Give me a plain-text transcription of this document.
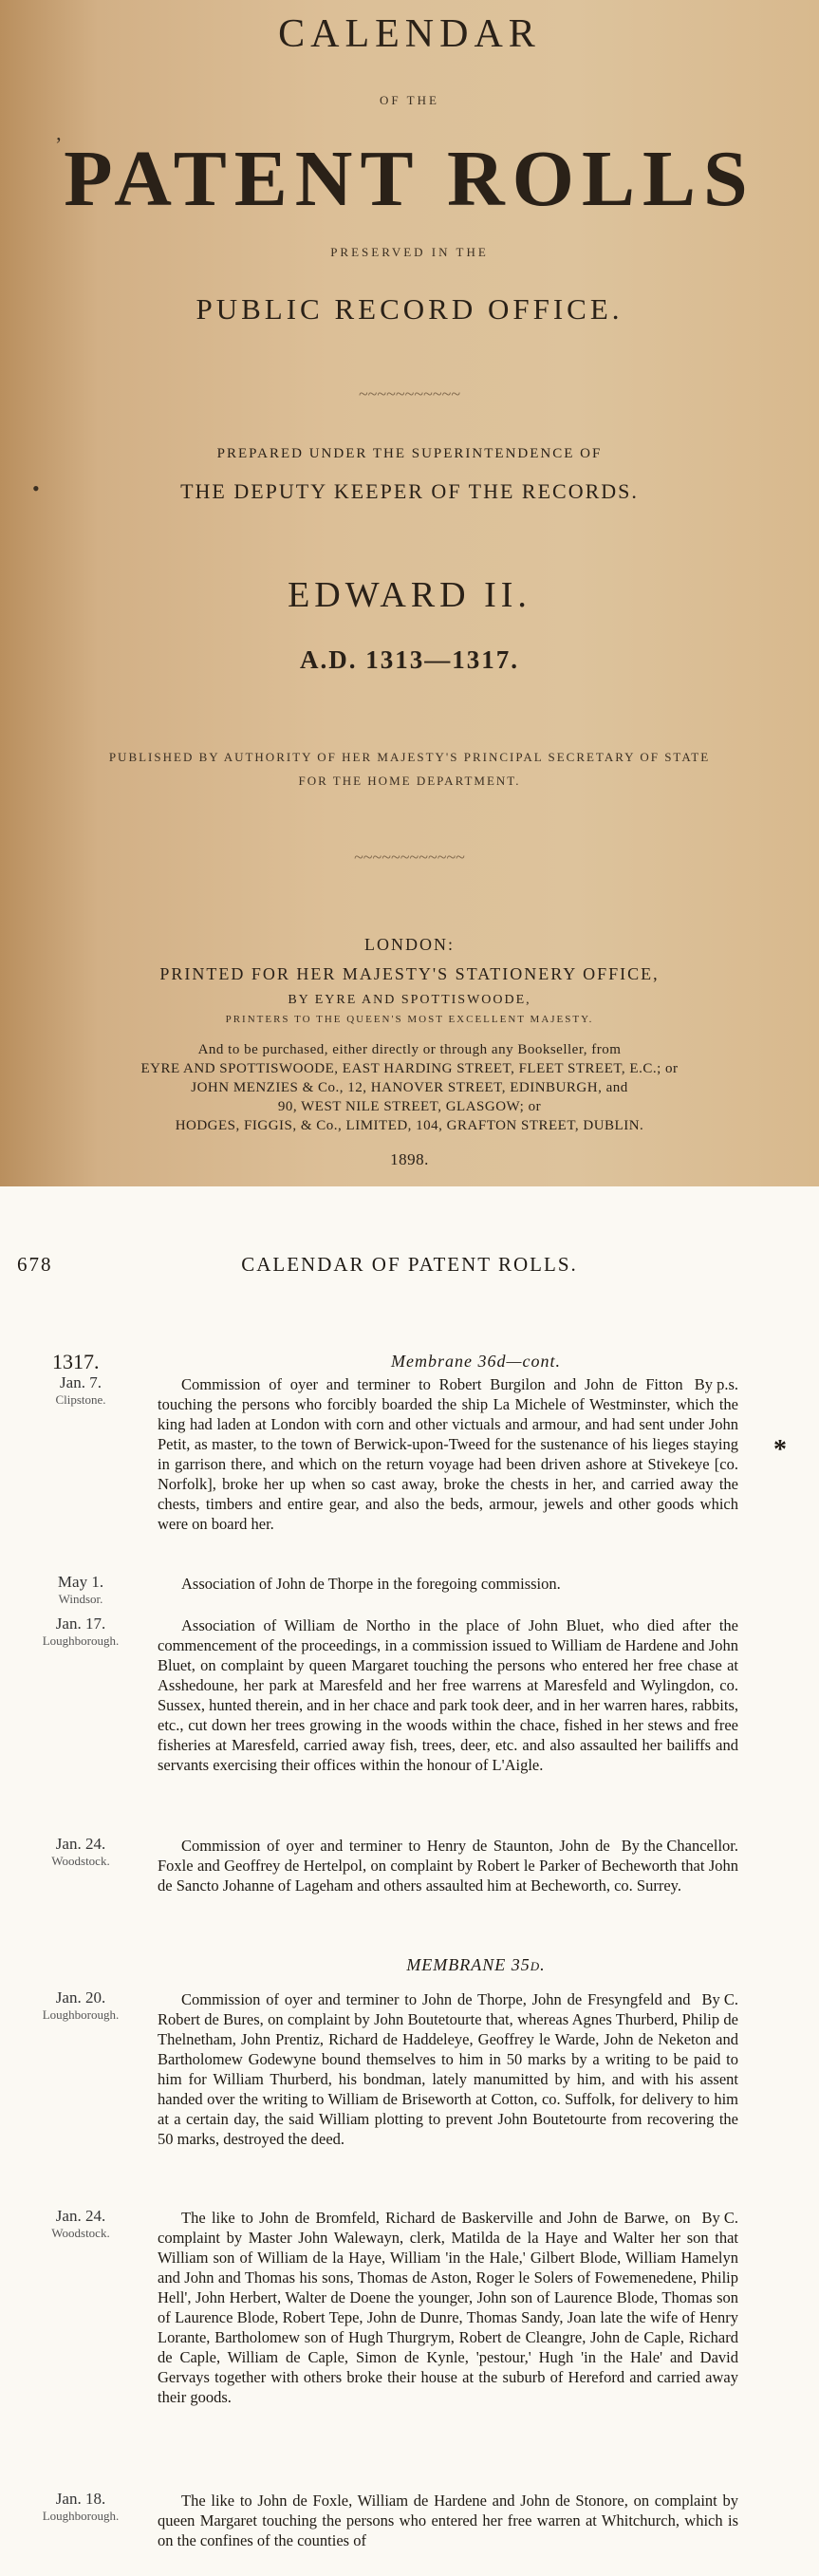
CALENDAR
OF THE
ʼ PATENT ROLLS
PRESERVED IN THE
PUBLIC RECORD OFFICE.
~~~~~~~~~~~
PREPARED UNDER THE SUPERINTENDENCE OF
•	THE DEPUTY KEEPER OF THE RECORDS.
EDWARD II.
A.D. 1313—1317.
PUBLISHED BY AUTHORITY OF HER MAJESTY'S PRINCIPAL SECRETARY OF STATE
FOR THE HOME DEPARTMENT.
~~~~~~~~~~~~
LONDON:
PRINTED FOR HER MAJESTY'S STATIONERY OFFICE,
BY EYRE AND SPOTTISWOODE,
PRINTERS TO THE QUEEN'S MOST EXCELLENT MAJESTY.
And to be purchased, either directly or through any Bookseller, from
EYRE AND SPOTTISWOODE, EAST HARDING STREET, FLEET STREET, E.C.; or
JOHN MENZIES & Co., 12, HANOVER STREET, EDINBURGH, and
90, WEST NILE STREET, GLASGOW; or
HODGES, FIGGIS, & Co., LIMITED, 104, GRAFTON STREET, DUBLIN.
1898.
678	CALENDAR OF PATENT ROLLS.
1317.	Membrane 36d—cont.
*
Jan. 7.
Clipstone.
By p.s.
Commission of oyer and terminer to Robert Burgilon and John de Fitton touching the persons who forcibly boarded the ship La Michele of Westminster, which the king had laden at London with corn and other victuals and armour, and had sent under John Petit, as master, to the town of Berwick-upon-Tweed for the sustenance of his lieges staying in garrison there, and which on the return voyage had been driven ashore at Stivekeye [co. Norfolk], broke her up when so cast away, broke the chests in her, and carried away the chests, timbers and entire gear, and also the beds, armour, jewels and other goods which were on board her.
May 1.
Windsor.
Association of John de Thorpe in the foregoing commission.
Jan. 17.
Loughborough.
Association of William de Northo in the place of John Bluet, who died after the commencement of the proceedings, in a commission issued to William de Hardene and John Bluet, on complaint by queen Margaret touching the persons who entered her free chase at Asshedoune, her park at Maresfeld and her free warrens at Maresfeld and Wylingdon, co. Sussex, hunted therein, and in her chace and park took deer, and in her warren hares, rabbits, etc., cut down her trees growing in the woods within the chace, fished in her stews and free fisheries at Maresfeld, carried away fish, trees, deer, etc. and also assaulted her bailiffs and servants exercising their offices within the honour of L'Aigle.
Jan. 24.
Woodstock.
By the Chancellor.
Commission of oyer and terminer to Henry de Staunton, John de Foxle and Geoffrey de Hertelpol, on complaint by Robert le Parker of Becheworth that John de Sancto Johanne of Lageham and others assaulted him at Becheworth, co. Surrey.
MEMBRANE 35d.
Jan. 20.
Loughborough.
By C.
Commission of oyer and terminer to John de Thorpe, John de Fresyngfeld and Robert de Bures, on complaint by John Boutetourte that, whereas Agnes Thurberd, Philip de Thelnetham, John Prentiz, Richard de Haddeleye, Geoffrey le Warde, John de Neketon and Bartholomew Godewyne bound themselves to him in 50 marks by a writing to be paid to him for William Thurberd, his bondman, lately manumitted by him, and with his assent handed over the writing to William de Briseworth at Cotton, co. Suffolk, for delivery to him at a certain day, the said William plotting to prevent John Boutetourte from recovering the 50 marks, destroyed the deed.
Jan. 24.
Woodstock.
By C.
The like to John de Bromfeld, Richard de Baskerville and John de Barwe, on complaint by Master John Walewayn, clerk, Matilda de la Haye and Walter her son that William son of William de la Haye, William 'in the Hale,' Gilbert Blode, William Hamelyn and John and Thomas his sons, Thomas de Aston, Roger le Solers of Fowemenedene, Philip Hell', John Herbert, Walter de Doene the younger, John son of Laurence Blode, Thomas son of Laurence Blode, Robert Tepe, John de Dunre, Thomas Sandy, Joan late the wife of Henry Lorante, Bartholomew son of Hugh Thurgrym, Robert de Cleangre, John de Caple, Richard de Caple, William de Caple, Simon de Kynle, 'pestour,' Hugh 'in the Hale' and David Gervays together with others broke their house at the suburb of Hereford and carried away their goods.
Jan. 18.
Loughborough.
The like to John de Foxle, William de Hardene and John de Stonore, on complaint by queen Margaret touching the persons who entered her free warren at Whitchurch, which is on the confines of the counties of
